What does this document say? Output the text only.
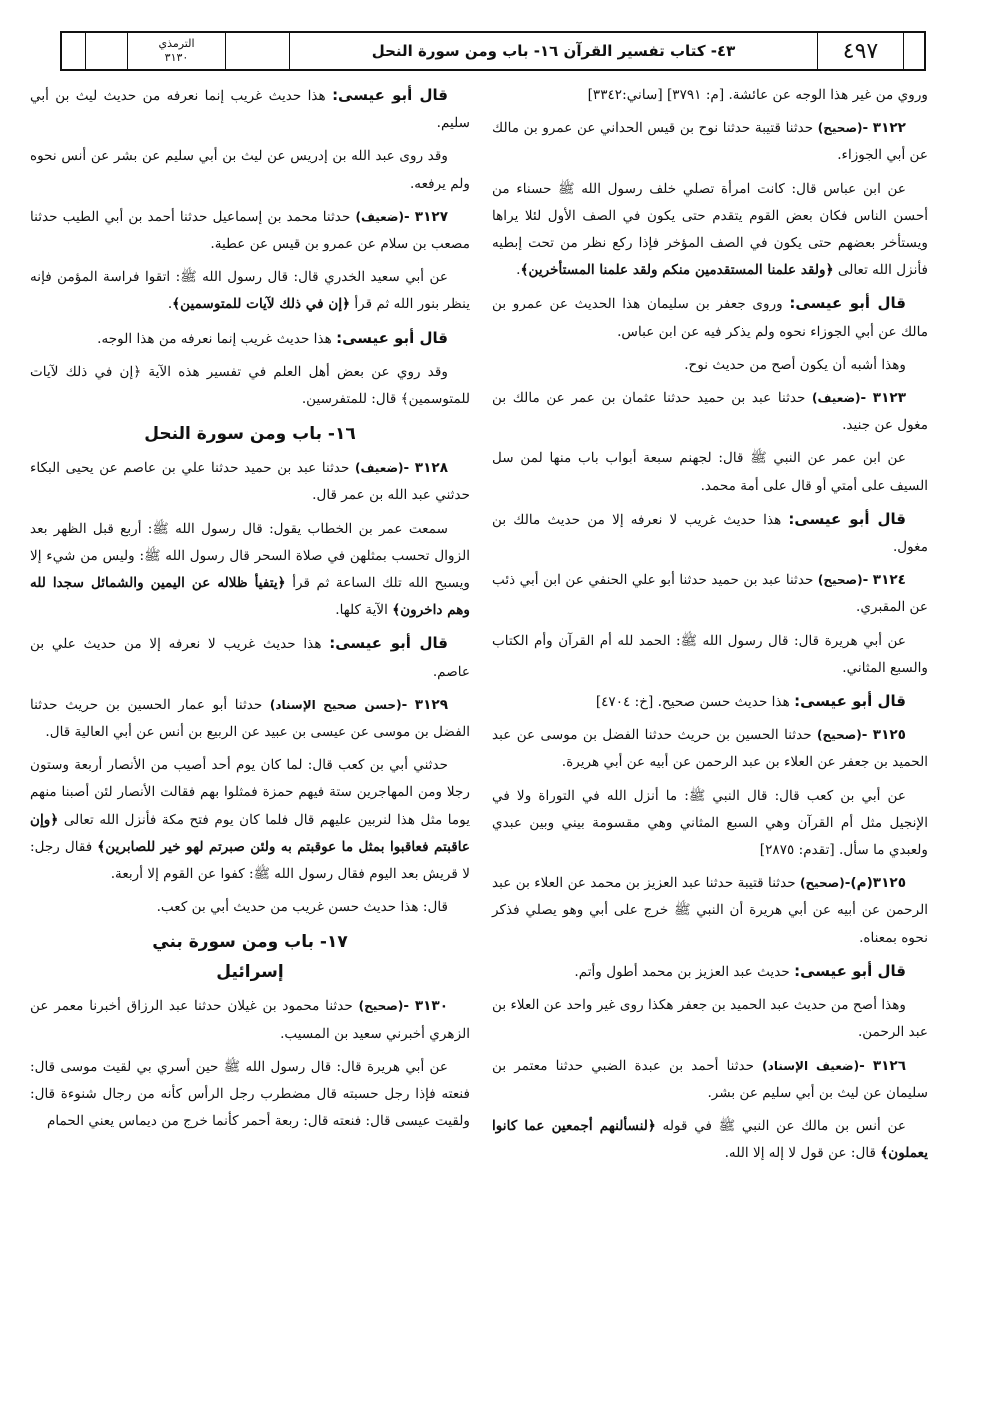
الترمذي
٣١٣٠	٤٣- كتاب تفسير القرآن ١٦- باب ومن سورة النحل	٤٩٧

وروي من غير هذا الوجه عن عائشة. [م: ٣٧٩١] [ساني:٣٣٤٢]

٣١٢٢ -(صحيح) حدثنا قتيبة حدثنا نوح بن قيس الحداني عن عمرو بن مالك عن أبي الجوزاء.

عن ابن عباس قال: كانت امرأة تصلي خلف رسول الله ﷺ حسناء من أحسن الناس فكان بعض القوم يتقدم حتى يكون في الصف الأول لئلا يراها ويستأخر بعضهم حتى يكون في الصف المؤخر فإذا ركع نظر من تحت إبطيه فأنزل الله تعالى ﴿ولقد علمنا المستقدمين منكم ولقد علمنا المستأخرين﴾.

قال أبو عيسى: وروى جعفر بن سليمان هذا الحديث عن عمرو بن مالك عن أبي الجوزاء نحوه ولم يذكر فيه عن ابن عباس.

وهذا أشبه أن يكون أصح من حديث نوح.

٣١٢٣ -(ضعيف) حدثنا عبد بن حميد حدثنا عثمان بن عمر عن مالك بن مغول عن جنيد.

عن ابن عمر عن النبي ﷺ قال: لجهنم سبعة أبواب باب منها لمن سل السيف على أمتي أو قال على أمة محمد.

قال أبو عيسى: هذا حديث غريب لا نعرفه إلا من حديث مالك بن مغول.

٣١٢٤ -(صحيح) حدثنا عبد بن حميد حدثنا أبو علي الحنفي عن ابن أبي ذئب عن المقبري.

عن أبي هريرة قال: قال رسول الله ﷺ: الحمد لله أم القرآن وأم الكتاب والسبع المثاني.

قال أبو عيسى: هذا حديث حسن صحيح. [خ: ٤٧٠٤]

٣١٢٥ -(صحيح) حدثنا الحسين بن حريث حدثنا الفضل بن موسى عن عبد الحميد بن جعفر عن العلاء بن عبد الرحمن عن أبيه عن أبي هريرة.

عن أبي بن كعب قال: قال النبي ﷺ: ما أنزل الله في التوراة ولا في الإنجيل مثل أم القرآن وهي السبع المثاني وهي مقسومة بيني وبين عبدي ولعبدي ما سأل. [تقدم: ٢٨٧٥]

٣١٢٥(م)-(صحيح) حدثنا قتيبة حدثنا عبد العزيز بن محمد عن العلاء بن عبد الرحمن عن أبيه عن أبي هريرة أن النبي ﷺ خرج على أبي وهو يصلي فذكر نحوه بمعناه.

قال أبو عيسى: حديث عبد العزيز بن محمد أطول وأتم.

وهذا أصح من حديث عبد الحميد بن جعفر هكذا روى غير واحد عن العلاء بن عبد الرحمن.

٣١٢٦ -(ضعيف الإسناد) حدثنا أحمد بن عبدة الضبي حدثنا معتمر بن سليمان عن ليث بن أبي سليم عن بشر.

عن أنس بن مالك عن النبي ﷺ في قوله ﴿لنسألنهم أجمعين عما كانوا يعملون﴾ قال: عن قول لا إله إلا الله.

قال أبو عيسى: هذا حديث غريب إنما نعرفه من حديث ليث بن أبي سليم.

وقد روى عبد الله بن إدريس عن ليث بن أبي سليم عن بشر عن أنس نحوه ولم يرفعه.

٣١٢٧ -(ضعيف) حدثنا محمد بن إسماعيل حدثنا أحمد بن أبي الطيب حدثنا مصعب بن سلام عن عمرو بن قيس عن عطية.

عن أبي سعيد الخدري قال: قال رسول الله ﷺ: اتقوا فراسة المؤمن فإنه ينظر بنور الله ثم قرأ ﴿إن في ذلك لآيات للمتوسمين﴾.

قال أبو عيسى: هذا حديث غريب إنما نعرفه من هذا الوجه.

وقد روي عن بعض أهل العلم في تفسير هذه الآية ﴿إن في ذلك لآيات للمتوسمين﴾ قال: للمتفرسين.

١٦- باب ومن سورة النحل

٣١٢٨ -(ضعيف) حدثنا عبد بن حميد حدثنا علي بن عاصم عن يحيى البكاء حدثني عبد الله بن عمر قال.

سمعت عمر بن الخطاب يقول: قال رسول الله ﷺ: أربع قبل الظهر بعد الزوال تحسب بمثلهن في صلاة السحر قال رسول الله ﷺ: وليس من شيء إلا ويسبح الله تلك الساعة ثم قرأ ﴿يتفيأ ظلاله عن اليمين والشمائل سجدا لله وهم داخرون﴾ الآية كلها.

قال أبو عيسى: هذا حديث غريب لا نعرفه إلا من حديث علي بن عاصم.

٣١٢٩ -(حسن صحيح الإسناد) حدثنا أبو عمار الحسين بن حريث حدثنا الفضل بن موسى عن عيسى بن عبيد عن الربيع بن أنس عن أبي العالية قال.

حدثني أبي بن كعب قال: لما كان يوم أحد أصيب من الأنصار أربعة وستون رجلا ومن المهاجرين ستة فيهم حمزة فمثلوا بهم فقالت الأنصار لئن أصبنا منهم يوما مثل هذا لنربين عليهم قال فلما كان يوم فتح مكة فأنزل الله تعالى ﴿وإن عاقبتم فعاقبوا بمثل ما عوقبتم به ولئن صبرتم لهو خير للصابرين﴾ فقال رجل: لا قريش بعد اليوم فقال رسول الله ﷺ: كفوا عن القوم إلا أربعة.

قال: هذا حديث حسن غريب من حديث أبي بن كعب.

١٧- باب ومن سورة بني
إسرائيل

٣١٣٠ -(صحيح) حدثنا محمود بن غيلان حدثنا عبد الرزاق أخبرنا معمر عن الزهري أخبرني سعيد بن المسيب.

عن أبي هريرة قال: قال رسول الله ﷺ حين أسري بي لقيت موسى قال: فنعته فإذا رجل حسبته قال مضطرب رجل الرأس كأنه من رجال شنوءة قال: ولقيت عيسى قال: فنعته قال: ربعة أحمر كأنما خرج من ديماس يعني الحمام
